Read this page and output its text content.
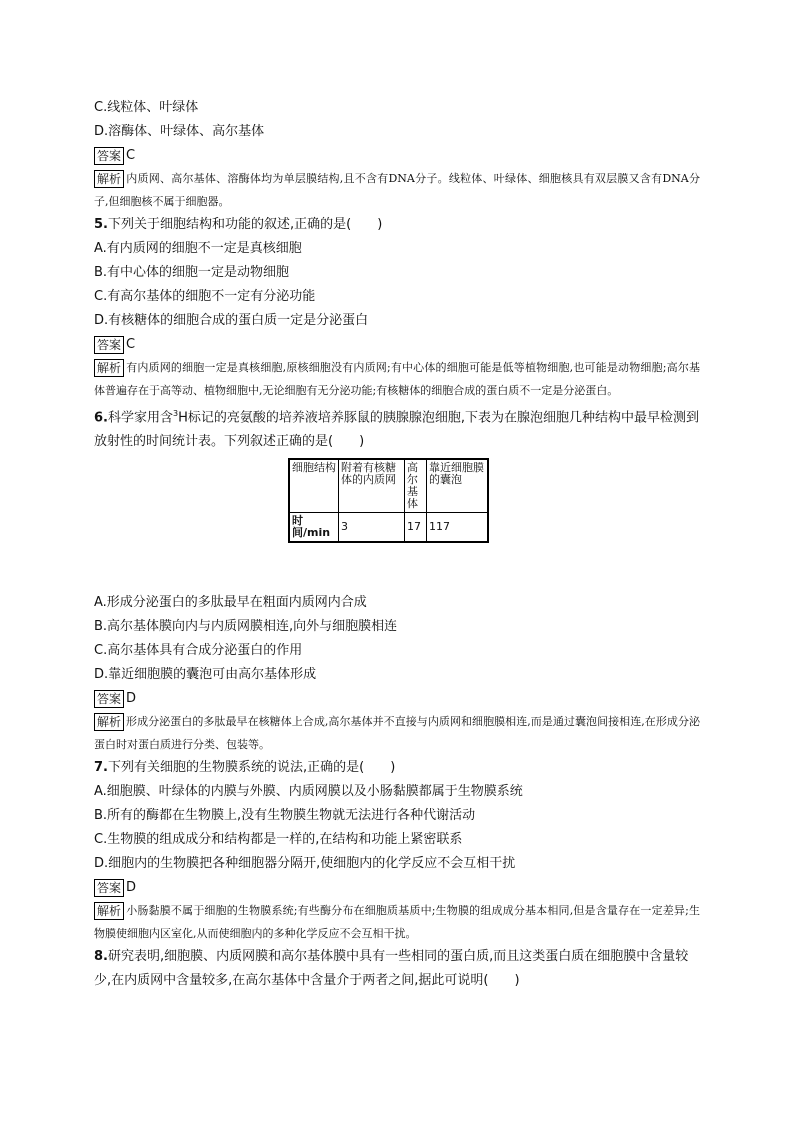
C.线粒体、叶绿体
D.溶酶体、叶绿体、高尔基体
答案 C
解析 内质网、高尔基体、溶酶体均为单层膜结构,且不含有DNA分子。线粒体、叶绿体、细胞核具有双层膜又含有DNA分子,但细胞核不属于细胞器。
5.下列关于细胞结构和功能的叙述,正确的是(　　)
A.有内质网的细胞不一定是真核细胞
B.有中心体的细胞一定是动物细胞
C.有高尔基体的细胞不一定有分泌功能
D.有核糖体的细胞合成的蛋白质一定是分泌蛋白
答案 C
解析 有内质网的细胞一定是真核细胞,原核细胞没有内质网;有中心体的细胞可能是低等植物细胞,也可能是动物细胞;高尔基体普遍存在于高等动、植物细胞中,无论细胞有无分泌功能;有核糖体的细胞合成的蛋白质不一定是分泌蛋白。
6.科学家用含$^3$H标记的亮氨酸的培养液培养豚鼠的胰腺腺泡细胞,下表为在腺泡细胞几种结构中最早检测到放射性的时间统计表。下列叙述正确的是(　　)
细胞结构	附着有核糖体的内质网	高尔基体	靠近细胞膜的囊泡
时间/min	3	17	117
A.形成分泌蛋白的多肽最早在粗面内质网内合成
B.高尔基体膜向内与内质网膜相连,向外与细胞膜相连
C.高尔基体具有合成分泌蛋白的作用
D.靠近细胞膜的囊泡可由高尔基体形成
答案 D
解析 形成分泌蛋白的多肽最早在核糖体上合成,高尔基体并不直接与内质网和细胞膜相连,而是通过囊泡间接相连,在形成分泌蛋白时对蛋白质进行分类、包装等。
7.下列有关细胞的生物膜系统的说法,正确的是(　　)
A.细胞膜、叶绿体的内膜与外膜、内质网膜以及小肠黏膜都属于生物膜系统
B.所有的酶都在生物膜上,没有生物膜生物就无法进行各种代谢活动
C.生物膜的组成成分和结构都是一样的,在结构和功能上紧密联系
D.细胞内的生物膜把各种细胞器分隔开,使细胞内的化学反应不会互相干扰
答案 D
解析 小肠黏膜不属于细胞的生物膜系统;有些酶分布在细胞质基质中;生物膜的组成成分基本相同,但是含量存在一定差异;生物膜使细胞内区室化,从而使细胞内的多种化学反应不会互相干扰。
8.研究表明,细胞膜、内质网膜和高尔基体膜中具有一些相同的蛋白质,而且这类蛋白质在细胞膜中含量较少,在内质网中含量较多,在高尔基体中含量介于两者之间,据此可说明(　　)
